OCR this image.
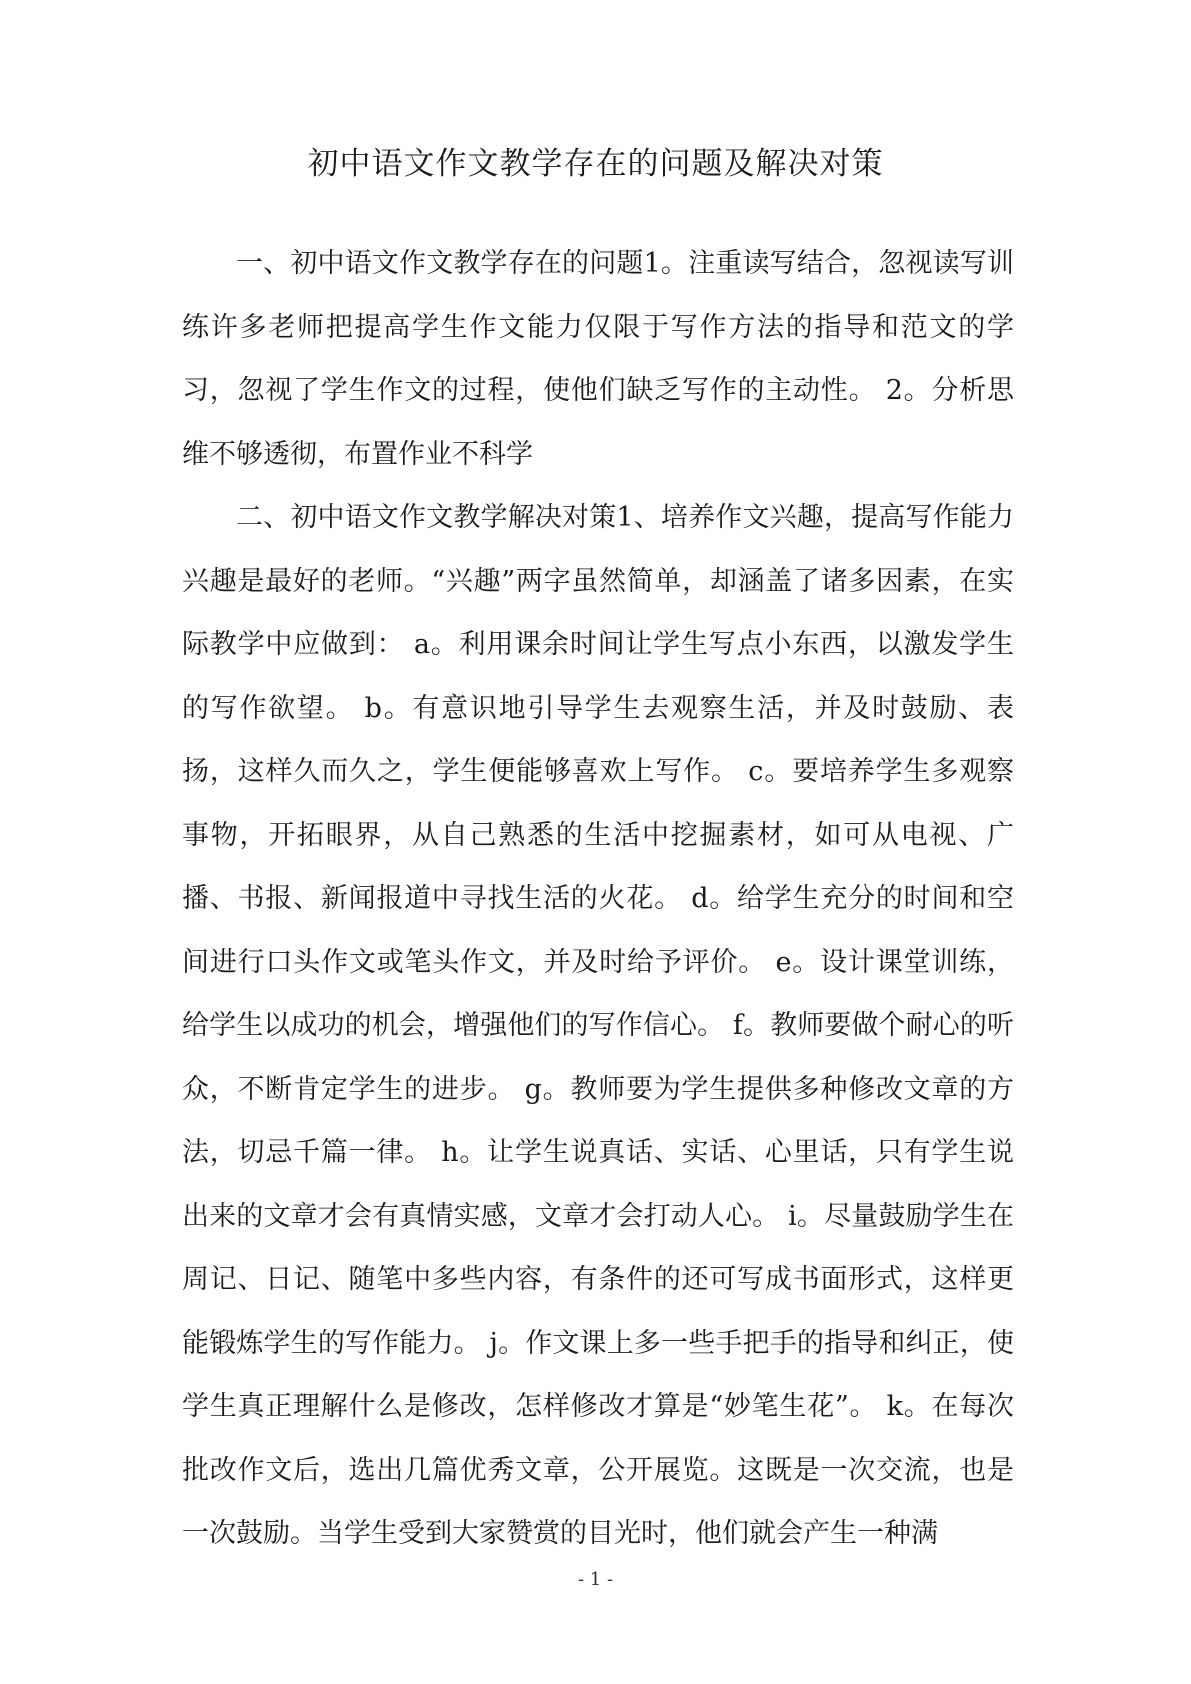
初中语文作文教学存在的问题及解决对策

一、初中语文作文教学存在的问题1。注重读写结合，忽视读写训练许多老师把提高学生作文能力仅限于写作方法的指导和范文的学习，忽视了学生作文的过程，使他们缺乏写作的主动性。 2。分析思维不够透彻，布置作业不科学

二、初中语文作文教学解决对策1、培养作文兴趣，提高写作能力兴趣是最好的老师。“兴趣”两字虽然简单，却涵盖了诸多因素，在实际教学中应做到： a。利用课余时间让学生写点小东西，以激发学生的写作欲望。 b。有意识地引导学生去观察生活，并及时鼓励、表扬，这样久而久之，学生便能够喜欢上写作。 c。要培养学生多观察事物，开拓眼界，从自己熟悉的生活中挖掘素材，如可从电视、广播、书报、新闻报道中寻找生活的火花。 d。给学生充分的时间和空间进行口头作文或笔头作文，并及时给予评价。 e。设计课堂训练，给学生以成功的机会，增强他们的写作信心。 f。教师要做个耐心的听众，不断肯定学生的进步。 g。教师要为学生提供多种修改文章的方法，切忌千篇一律。 h。让学生说真话、实话、心里话，只有学生说出来的文章才会有真情实感，文章才会打动人心。 i。尽量鼓励学生在周记、日记、随笔中多些内容，有条件的还可写成书面形式，这样更能锻炼学生的写作能力。 j。作文课上多一些手把手的指导和纠正，使学生真正理解什么是修改，怎样修改才算是“妙笔生花”。 k。在每次批改作文后，选出几篇优秀文章，公开展览。这既是一次交流，也是一次鼓励。当学生受到大家赞赏的目光时，他们就会产生一种满

- 1 -
